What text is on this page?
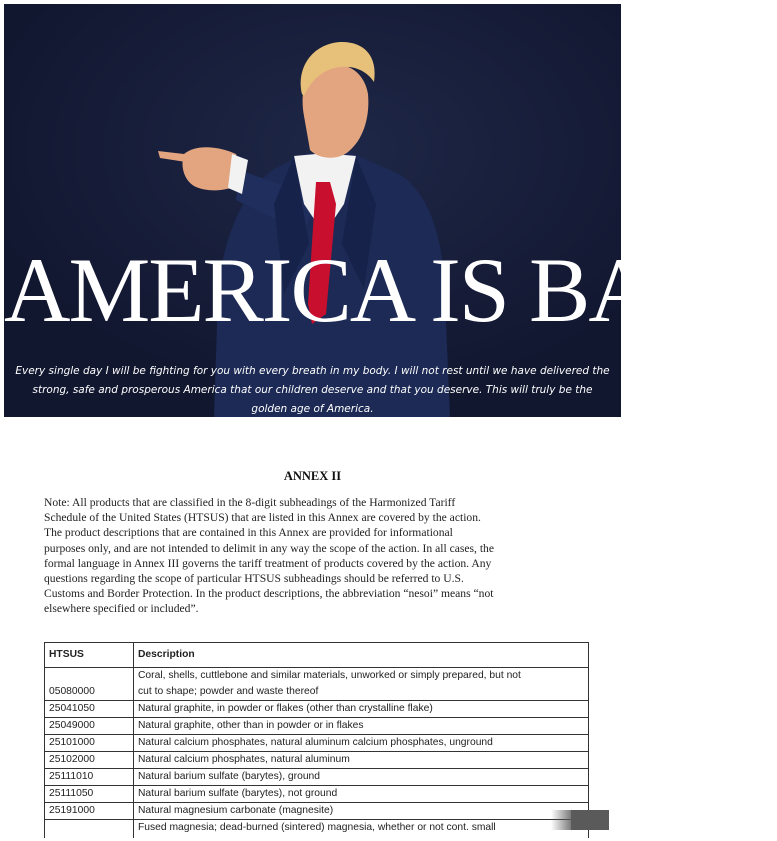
AMERICA IS BACK
Every single day I will be fighting for you with every breath in my body. I will not rest until we have delivered the
strong, safe and prosperous America that our children deserve and that you deserve. This will truly be the
golden age of America.
ANNEX II
Note: All products that are classified in the 8-digit subheadings of the Harmonized Tariff
Schedule of the United States (HTSUS) that are listed in this Annex are covered by the action.
The product descriptions that are contained in this Annex are provided for informational
purposes only, and are not intended to delimit in any way the scope of the action. In all cases, the
formal language in Annex III governs the tariff treatment of products covered by the action. Any
questions regarding the scope of particular HTSUS subheadings should be referred to U.S.
Customs and Border Protection. In the product descriptions, the abbreviation “nesoi” means “not
elsewhere specified or included”.
HTSUS	Description
05080000	Coral, shells, cuttlebone and similar materials, unworked or simply prepared, but not
cut to shape; powder and waste thereof

25041050	Natural graphite, in powder or flakes (other than crystalline flake)
25049000	Natural graphite, other than in powder or in flakes
25101000	Natural calcium phosphates, natural aluminum calcium phosphates, unground
25102000	Natural calcium phosphates, natural aluminum
25111010	Natural barium sulfate (barytes), ground
25111050	Natural barium sulfate (barytes), not ground
25191000	Natural magnesium carbonate (magnesite)
	Fused magnesia; dead-burned (sintered) magnesia, whether or not cont. small
